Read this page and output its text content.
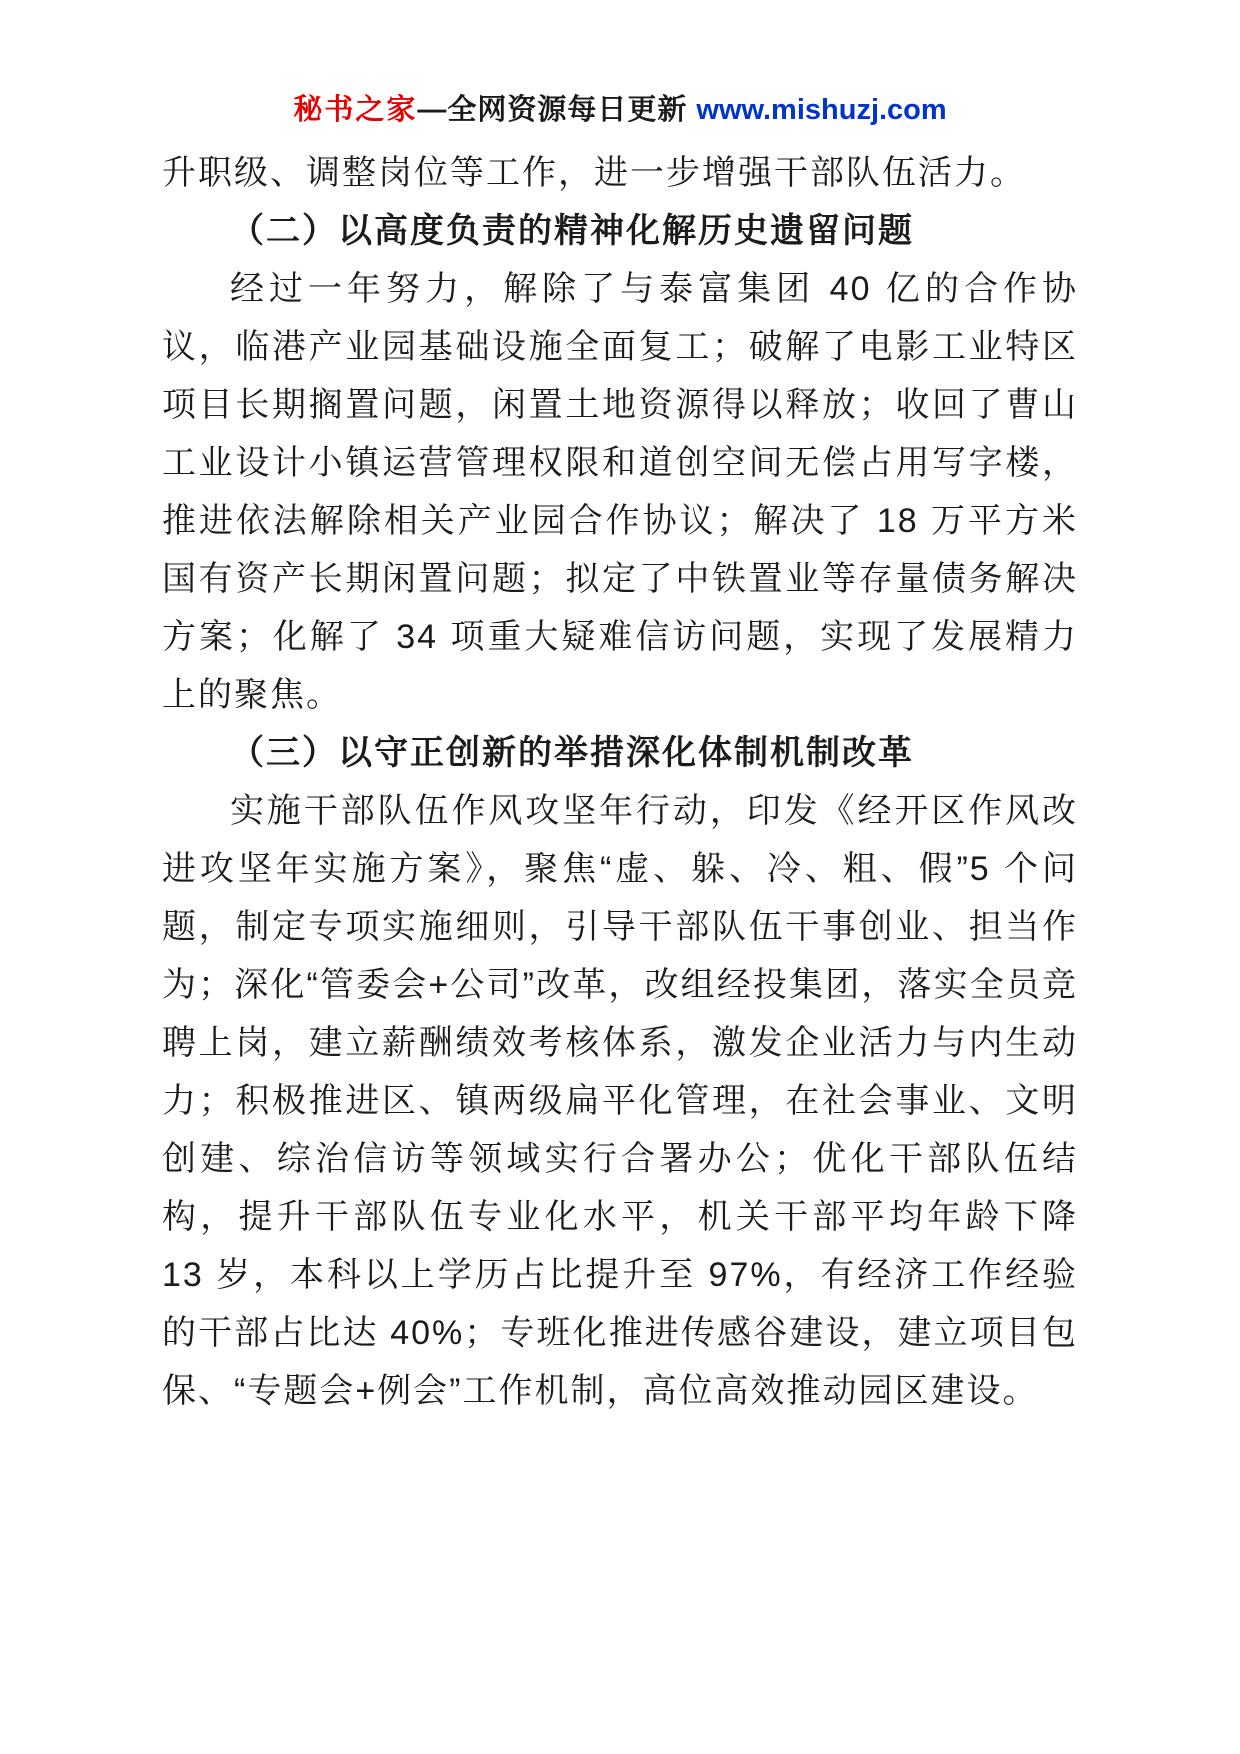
秘书之家—全网资源每日更新 www.mishuzj.com

升职级、调整岗位等工作，进一步增强干部队伍活力。

（二）以高度负责的精神化解历史遗留问题

经过一年努力，解除了与泰富集团 40 亿的合作协议，临港产业园基础设施全面复工；破解了电影工业特区项目长期搁置问题，闲置土地资源得以释放；收回了曹山工业设计小镇运营管理权限和道创空间无偿占用写字楼，推进依法解除相关产业园合作协议；解决了 18 万平方米国有资产长期闲置问题；拟定了中铁置业等存量债务解决方案；化解了 34 项重大疑难信访问题，实现了发展精力上的聚焦。

（三）以守正创新的举措深化体制机制改革

实施干部队伍作风攻坚年行动，印发《经开区作风改进攻坚年实施方案》，聚焦“虚、躲、冷、粗、假”5 个问题，制定专项实施细则，引导干部队伍干事创业、担当作为；深化“管委会+公司”改革，改组经投集团，落实全员竞聘上岗，建立薪酬绩效考核体系，激发企业活力与内生动力；积极推进区、镇两级扁平化管理，在社会事业、文明创建、综治信访等领域实行合署办公；优化干部队伍结构，提升干部队伍专业化水平，机关干部平均年龄下降 13 岁，本科以上学历占比提升至 97%，有经济工作经验的干部占比达 40%；专班化推进传感谷建设，建立项目包保、“专题会+例会”工作机制，高位高效推动园区建设。
